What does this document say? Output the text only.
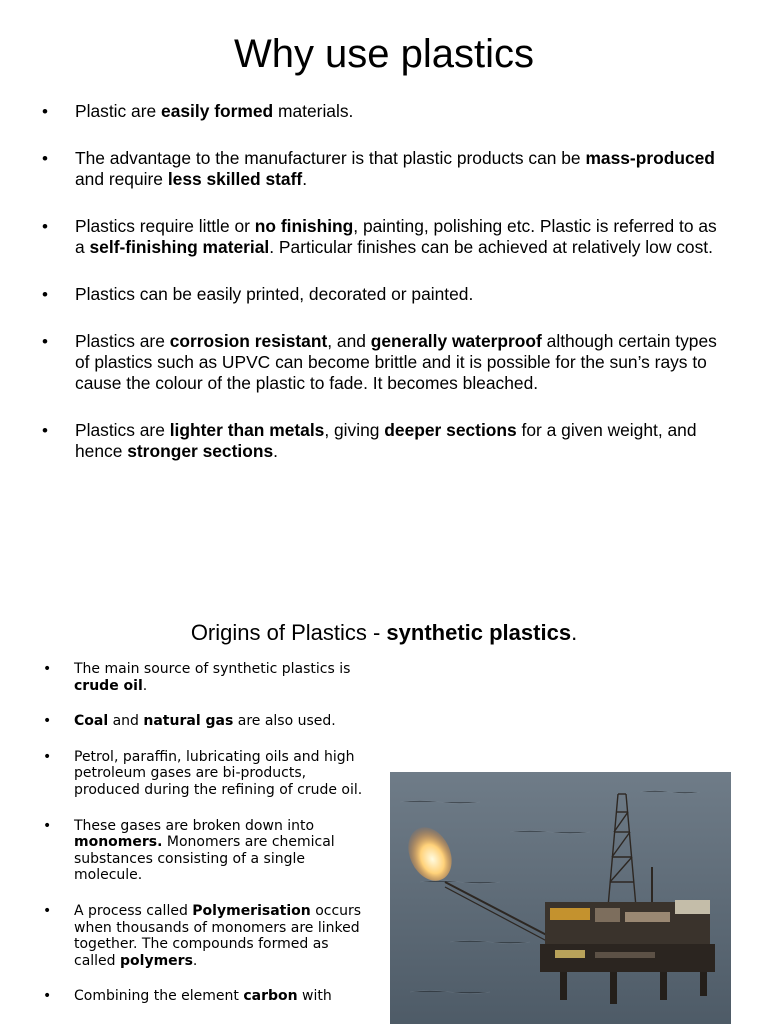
Why use plastics
• Plastic are easily formed materials.
• The advantage to the manufacturer is that plastic products can be mass-produced and require less skilled staff.
• Plastics require little or no finishing, painting, polishing etc. Plastic is referred to as a self-finishing material. Particular finishes can be achieved at relatively low cost.
• Plastics can be easily printed, decorated or painted.
• Plastics are corrosion resistant, and generally waterproof although certain types of plastics such as UPVC can become brittle and it is possible for the sun’s rays to cause the colour of the plastic to fade. It becomes bleached.
• Plastics are lighter than metals, giving deeper sections for a given weight, and hence stronger sections.
Origins of Plastics - synthetic plastics.
• The main source of synthetic plastics is crude oil.
• Coal and natural gas are also used.
• Petrol, paraffin, lubricating oils and high petroleum gases are bi-products, produced during the refining of crude oil.
• These gases are broken down into monomers. Monomers are chemical substances consisting of a single molecule.
• A process called Polymerisation occurs when thousands of monomers are linked together. The compounds formed as called polymers.
• Combining the element carbon with
